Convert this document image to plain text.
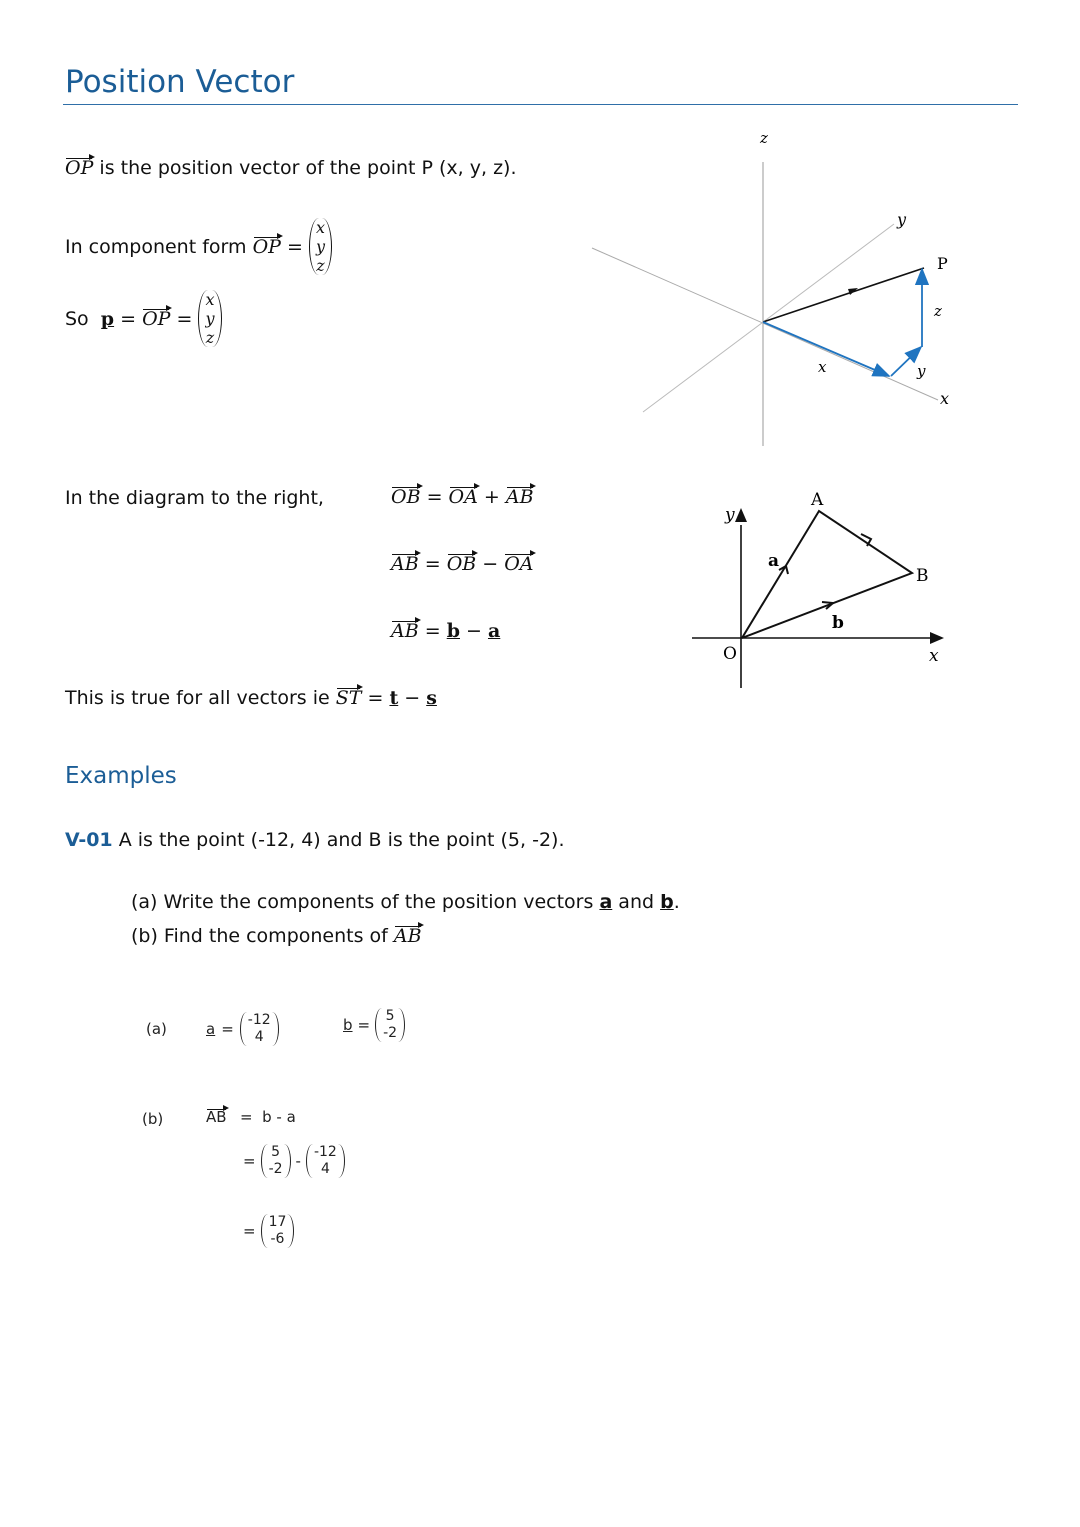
Position Vector
OP is the position vector of the point P (x, y, z).
In component form
OP =
x
y
z
So
p = OP =
x
y
z
z
y
x
P
x	y
z
In the diagram to the right,	OB = OA + AB
AB = OB − OA
AB = b − a
This is true for all vectors ie ST = t − s
y
x
O
A
B
a
b
Examples
V-01 A is the point (-12, 4) and B is the point (5, -2).
(a) Write the components of the position vectors a and b.
(b) Find the components of AB
(a)	a = -12
4
b = 5
-2
(b)	AB =  b - a
= 5
-2 - -12
4
= 17
-6
